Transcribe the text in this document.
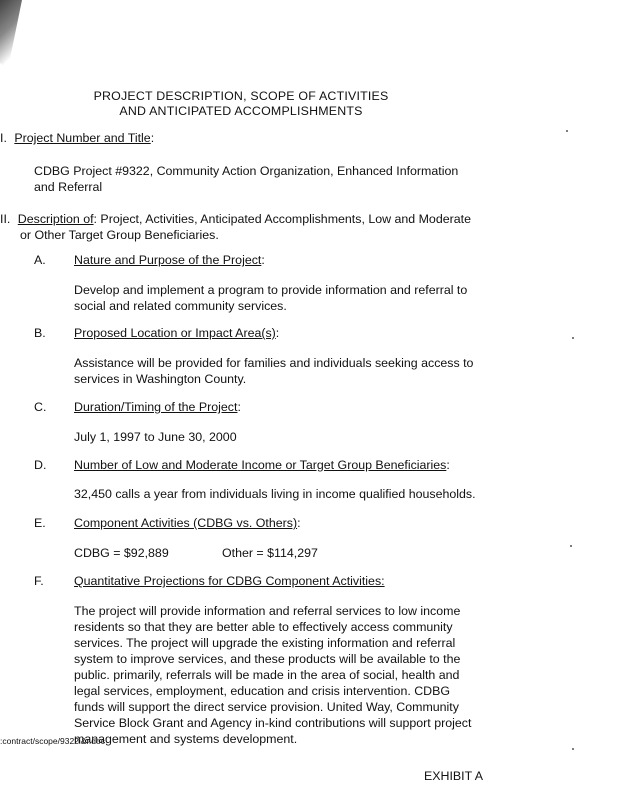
PROJECT DESCRIPTION, SCOPE OF ACTIVITIES
AND ANTICIPATED ACCOMPLISHMENTS
I. Project Number and Title:
CDBG Project #9322, Community Action Organization, Enhanced Information
and Referral
II. Description of: Project, Activities, Anticipated Accomplishments, Low and Moderate
or Other Target Group Beneficiaries.
A. Nature and Purpose of the Project:
Develop and implement a program to provide information and referral to
social and related community services.
B. Proposed Location or Impact Area(s):
Assistance will be provided for families and individuals seeking access to
services in Washington County.
C. Duration/Timing of the Project:
July 1, 1997 to June 30, 2000
D. Number of Low and Moderate Income or Target Group Beneficiaries:
32,450 calls a year from individuals living in income qualified households.
E. Component Activities (CDBG vs. Others):
CDBG = $92,889	Other = $114,297
F. Quantitative Projections for CDBG Component Activities:
The project will provide information and referral services to low income
residents so that they are better able to effectively access community
services. The project will upgrade the existing information and referral
system to improve services, and these products will be available to the
public. primarily, referrals will be made in the area of social, health and
legal services, employment, education and crisis intervention. CDBG
funds will support the direct service provision. United Way, Community
Service Block Grant and Agency in-kind contributions will support project
management and systems development.
:contract/scope/9322i&r.doc
EXHIBIT A
